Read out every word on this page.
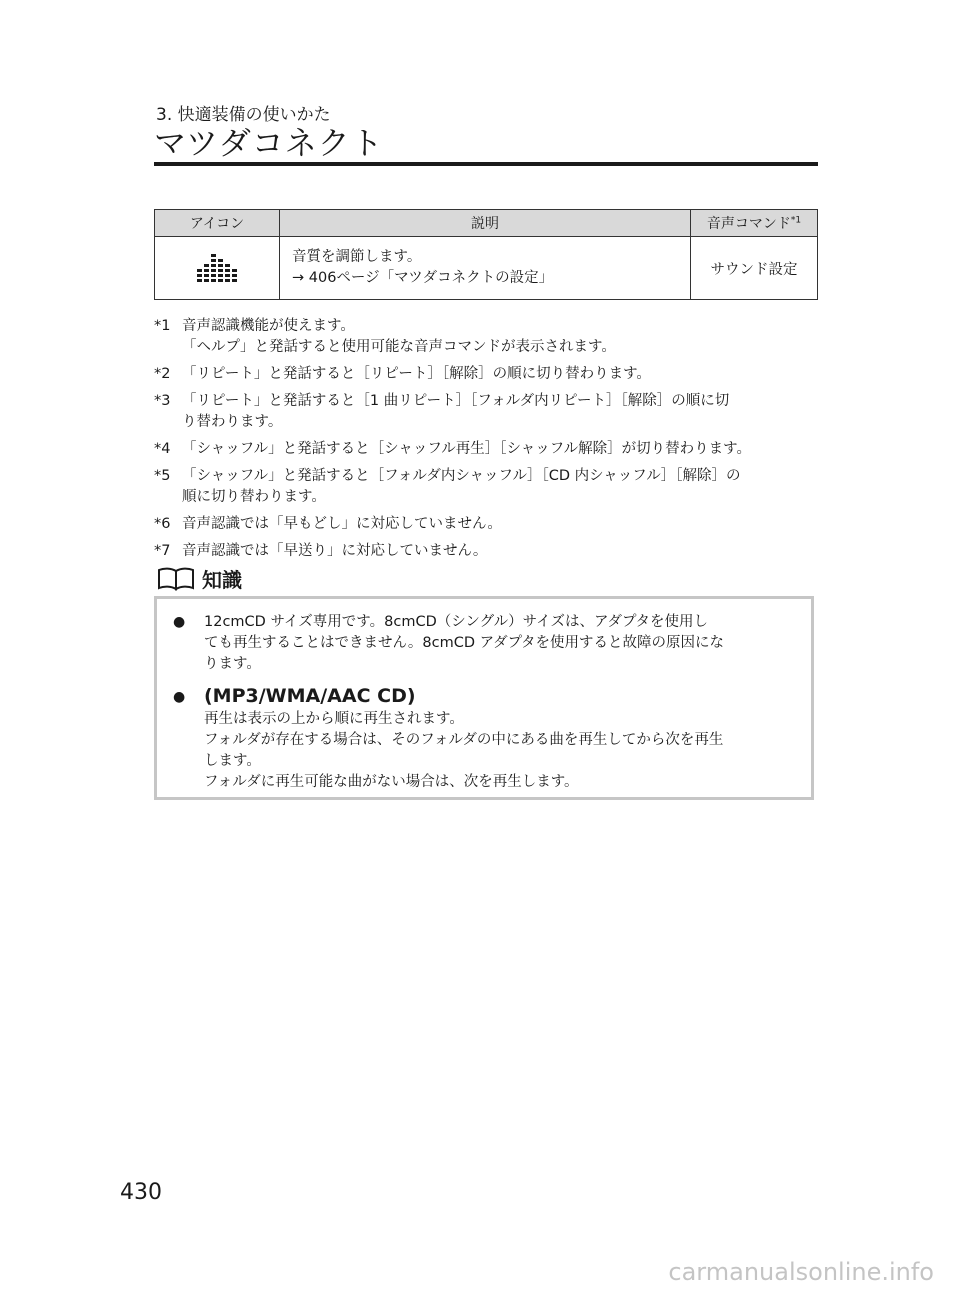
3. 快適装備の使いかた
マツダコネクト
アイコン	説明	音声コマンド$^{*1}$

	音質を調節します。
→ 406ページ「マツダコネクトの設定」	サウンド設定
*1 音声認識機能が使えます。
「ヘルプ」と発話すると使用可能な音声コマンドが表示されます。
*2 「リピート」と発話すると［リピート］［解除］の順に切り替わります。
*3 「リピート」と発話すると［1 曲リピート］［フォルダ内リピート］［解除］の順に切
り替わります。
*4 「シャッフル」と発話すると［シャッフル再生］［シャッフル解除］が切り替わります。
*5 「シャッフル」と発話すると［フォルダ内シャッフル］［CD 内シャッフル］［解除］の
順に切り替わります。
*6 音声認識では「早もどし」に対応していません。
*7 音声認識では「早送り」に対応していません。
知識
● 12cmCD サイズ専用です。8cmCD（シングル）サイズは、アダプタを使用し
ても再生することはできません。8cmCD アダプタを使用すると故障の原因にな
ります。
● (MP3/WMA/AAC CD)
再生は表示の上から順に再生されます。
フォルダが存在する場合は、そのフォルダの中にある曲を再生してから次を再生
します。
フォルダに再生可能な曲がない場合は、次を再生します。
430
carmanualsonline.info
